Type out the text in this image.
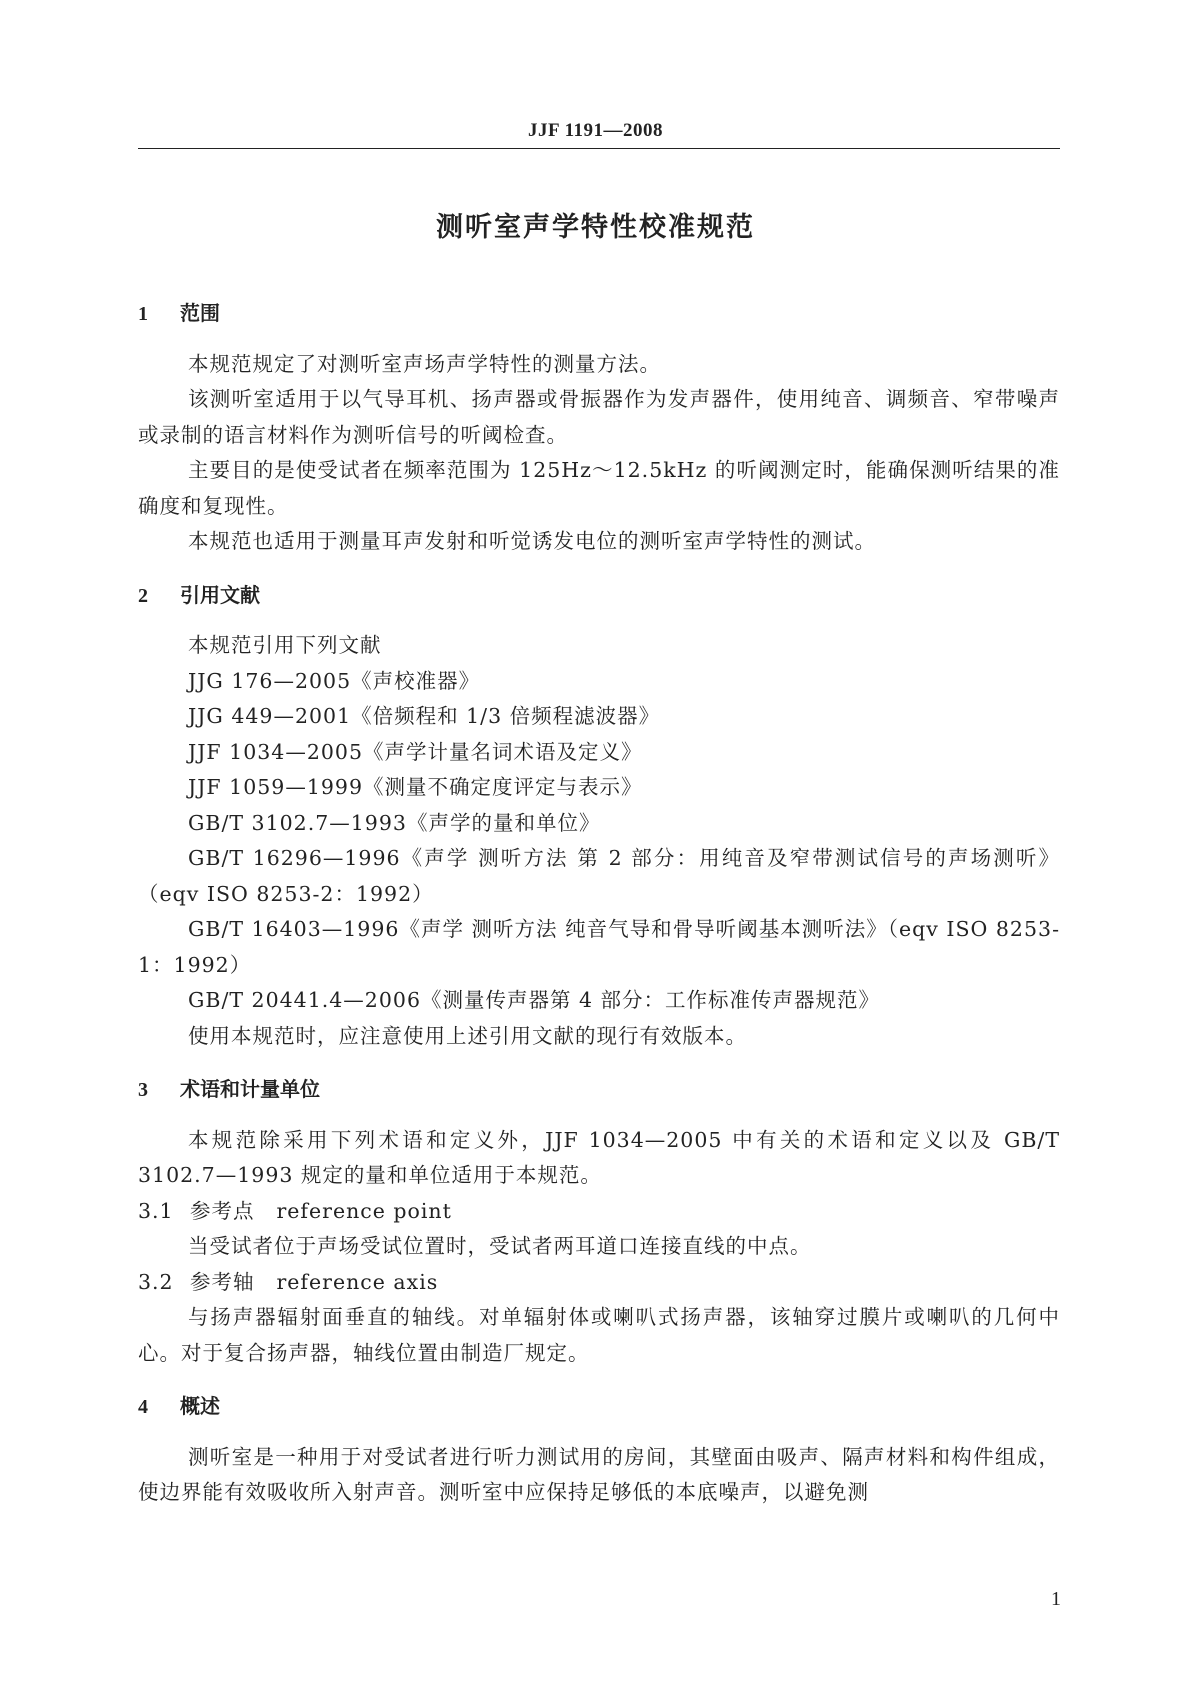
JJF 1191—2008
测听室声学特性校准规范
1 范围

本规范规定了对测听室声场声学特性的测量方法。

该测听室适用于以气导耳机、扬声器或骨振器作为发声器件，使用纯音、调频音、窄带噪声或录制的语言材料作为测听信号的听阈检查。

主要目的是使受试者在频率范围为 125Hz～12.5kHz 的听阈测定时，能确保测听结果的准确度和复现性。

本规范也适用于测量耳声发射和听觉诱发电位的测听室声学特性的测试。

2 引用文献

本规范引用下列文献

JJG 176—2005《声校准器》
JJG 449—2001《倍频程和 1/3 倍频程滤波器》
JJF 1034—2005《声学计量名词术语及定义》
JJF 1059—1999《测量不确定度评定与表示》
GB/T 3102.7—1993《声学的量和单位》
GB/T 16296—1996《声学 测听方法 第 2 部分：用纯音及窄带测试信号的声场测听》（eqv ISO 8253-2：1992）
GB/T 16403—1996《声学 测听方法 纯音气导和骨导听阈基本测听法》（eqv ISO 8253-1：1992）
GB/T 20441.4—2006《测量传声器第 4 部分：工作标准传声器规范》

使用本规范时，应注意使用上述引用文献的现行有效版本。

3 术语和计量单位

本规范除采用下列术语和定义外，JJF 1034—2005 中有关的术语和定义以及 GB/T 3102.7—1993 规定的量和单位适用于本规范。

3.1 参考点 reference point

当受试者位于声场受试位置时，受试者两耳道口连接直线的中点。

3.2 参考轴 reference axis

与扬声器辐射面垂直的轴线。对单辐射体或喇叭式扬声器，该轴穿过膜片或喇叭的几何中心。对于复合扬声器，轴线位置由制造厂规定。

4 概述

测听室是一种用于对受试者进行听力测试用的房间，其壁面由吸声、隔声材料和构件组成，使边界能有效吸收所入射声音。测听室中应保持足够低的本底噪声，以避免测

1
